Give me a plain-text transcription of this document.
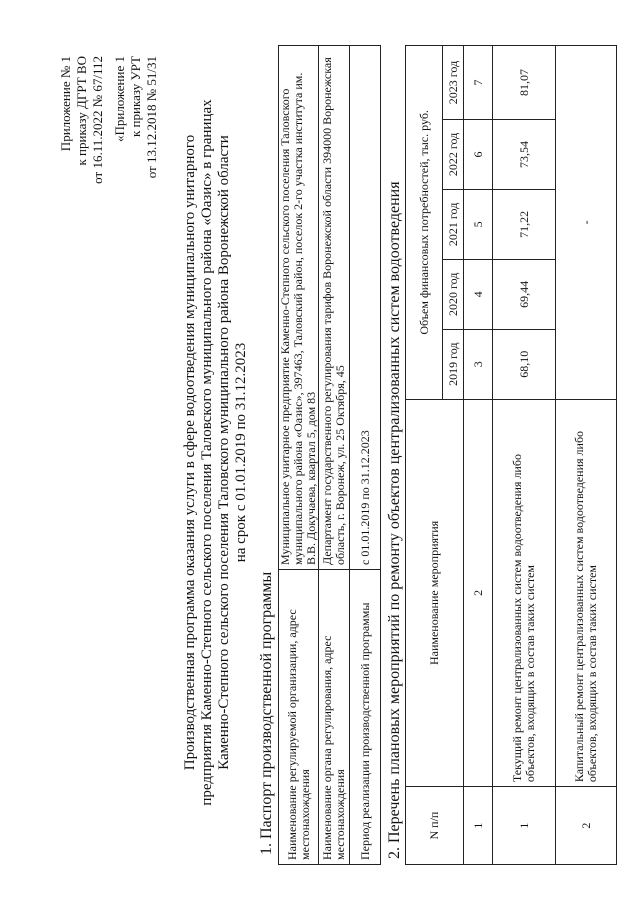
Приложение № 1 к приказу ДГРТ ВО от 16.11.2022 № 67/112 «Приложение 1 к приказу УРТ от 13.12.2018 № 51/31
Производственная программа оказания услуги в сфере водоотведения муниципального унитарного предприятия Каменно-Степного сельского поселения Таловского муниципального района «Оазис» в границах Каменно-Степного сельского поселения Таловского муниципального района Воронежской области на срок с 01.01.2019 по 31.12.2023
1. Паспорт производственной программы Наименование регулируемой организации, адрес местонахождения	Муниципальное унитарное предприятие Каменно-Степного сельского поселения Таловского муниципального района «Оазис», 397463, Таловский район, поселок 2-го участка института им. В.В. Докучаева, квартал 5, дом 83
Наименование органа регулирования, адрес местонахождения	Департамент государственного регулирования тарифов Воронежской области 394000 Воронежская область, г. Воронеж, ул. 25 Октября, 45
Период реализации производственной программы	с 01.01.2019 по 31.12.2023 2. Перечень плановых мероприятий по ремонту объектов централизованных систем водоотведения N п/п	Наименование мероприятия	Объем финансовых потребностей, тыс. руб.				
		2019 год	2020 год	2021 год	2022 год	2023 год
1	2	3	4	5	6	7
1	Текущий ремонт централизованных систем водоотведения либо объектов, входящих в состав таких систем	68,10	69,44	71,22	73,54	81,07
2	Капитальный ремонт централизованных систем водоотведения либо объектов, входящих в состав таких систем	-				
